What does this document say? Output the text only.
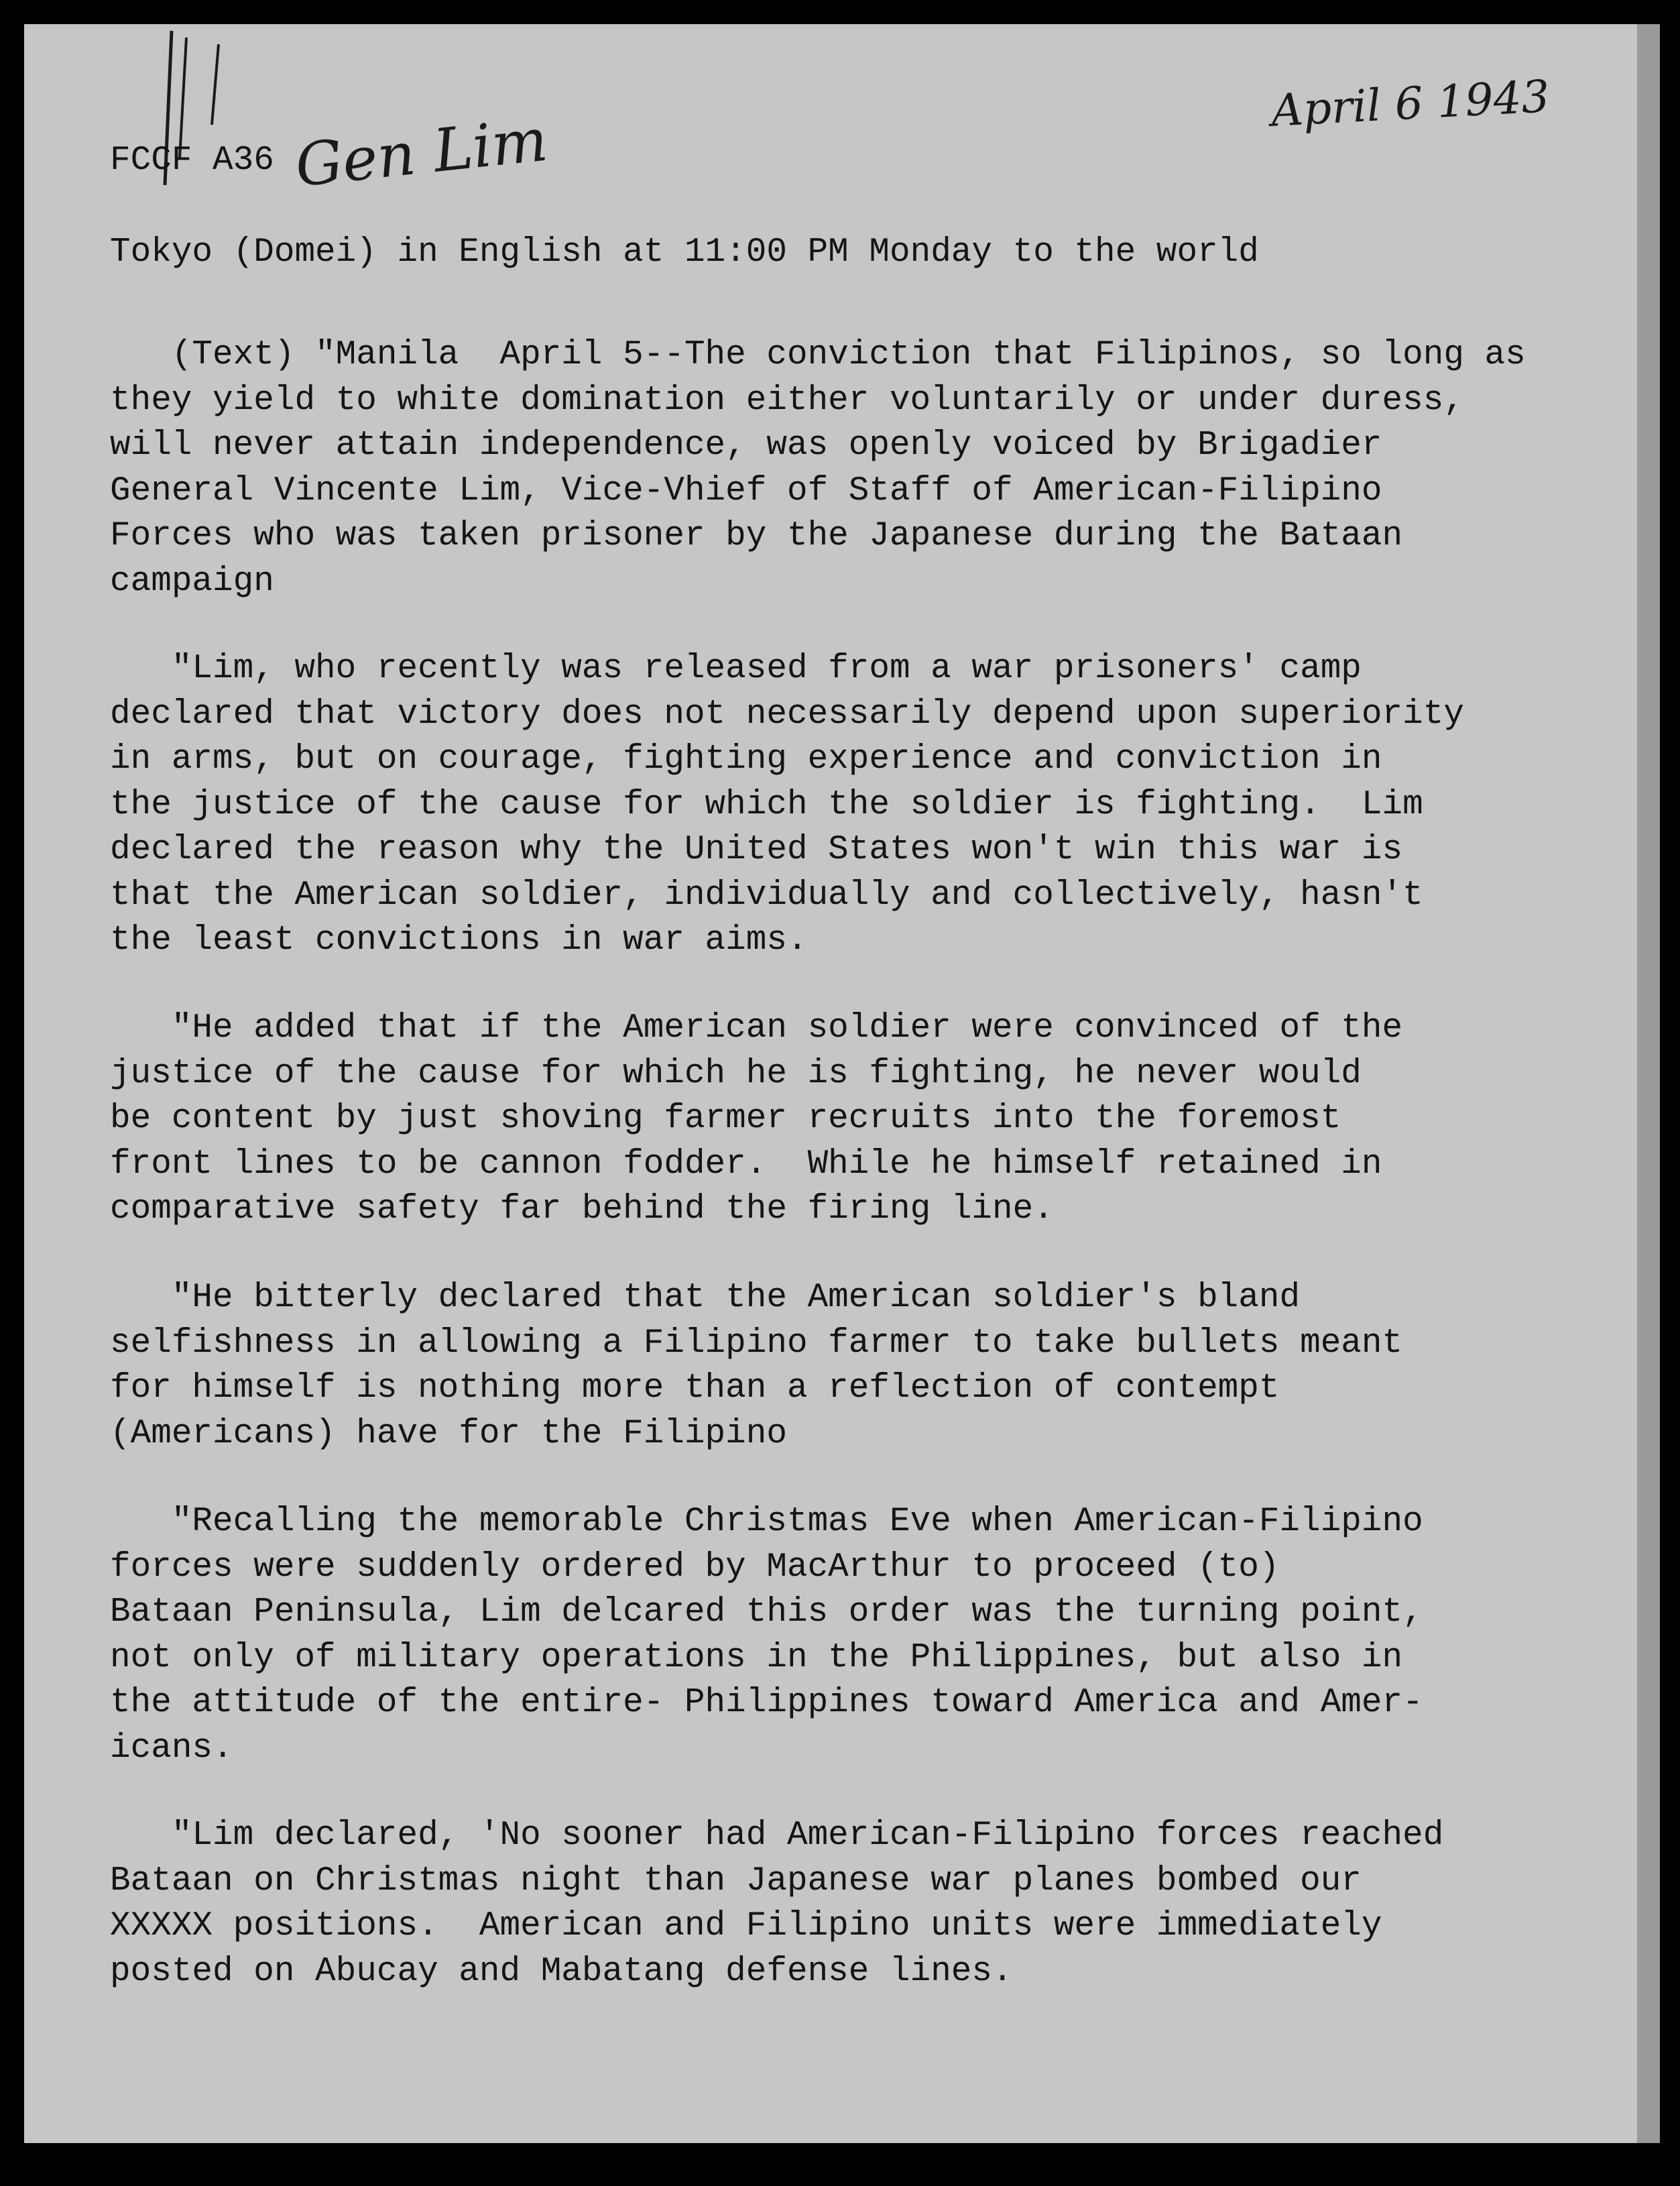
April 6 1943
Gen Lim
FCCF A36
Tokyo (Domei) in English at 11:00 PM Monday to the world
(Text) "Manila  April 5--The conviction that Filipinos, so long as
they yield to white domination either voluntarily or under duress,
will never attain independence, was openly voiced by Brigadier
General Vincente Lim, Vice-Vhief of Staff of American-Filipino
Forces who was taken prisoner by the Japanese during the Bataan
campaign
"Lim, who recently was released from a war prisoners' camp
declared that victory does not necessarily depend upon superiority
in arms, but on courage, fighting experience and conviction in
the justice of the cause for which the soldier is fighting.  Lim
declared the reason why the United States won't win this war is
that the American soldier, individually and collectively, hasn't
the least convictions in war aims.
"He added that if the American soldier were convinced of the
justice of the cause for which he is fighting, he never would
be content by just shoving farmer recruits into the foremost
front lines to be cannon fodder.  While he himself retained in
comparative safety far behind the firing line.
"He bitterly declared that the American soldier's bland
selfishness in allowing a Filipino farmer to take bullets meant
for himself is nothing more than a reflection of contempt
(Americans) have for the Filipino
"Recalling the memorable Christmas Eve when American-Filipino
forces were suddenly ordered by MacArthur to proceed (to)
Bataan Peninsula, Lim delcared this order was the turning point,
not only of military operations in the Philippines, but also in
the attitude of the entire- Philippines toward America and Amer-
icans.
"Lim declared, 'No sooner had American-Filipino forces reached
Bataan on Christmas night than Japanese war planes bombed our
XXXXX positions.  American and Filipino units were immediately
posted on Abucay and Mabatang defense lines.
